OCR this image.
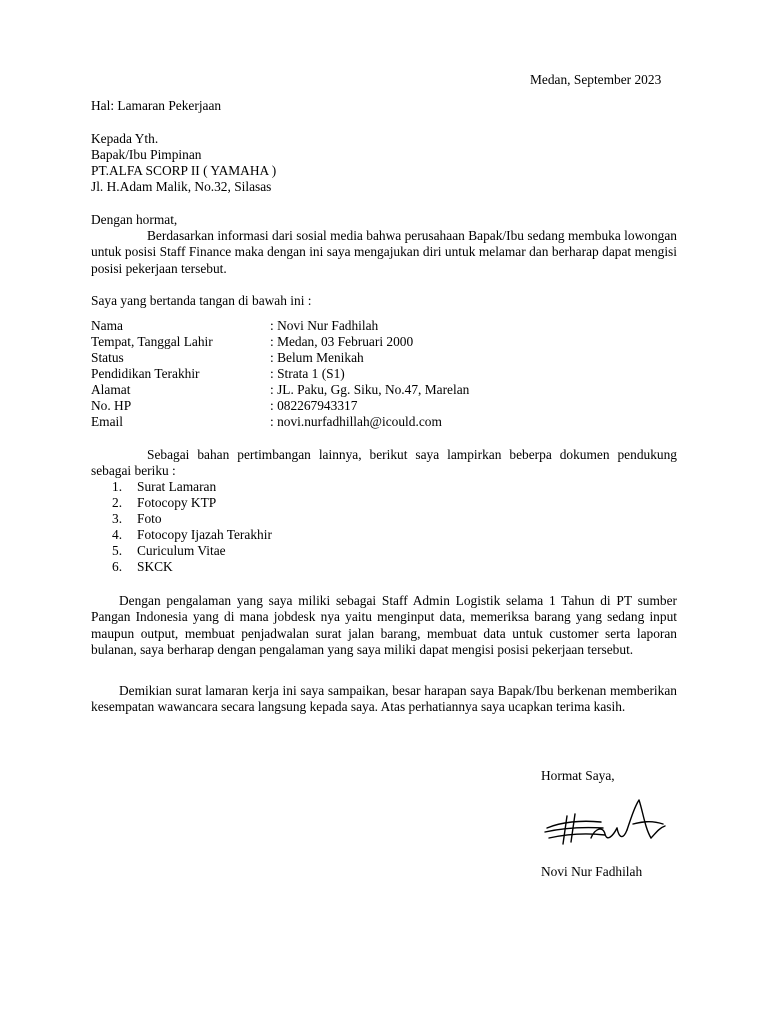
Medan, September 2023
Hal: Lamaran Pekerjaan
Kepada Yth.
Bapak/Ibu Pimpinan
PT.ALFA SCORP II ( YAMAHA )
Jl. H.Adam Malik, No.32, Silasas
Dengan hormat,
Berdasarkan informasi dari sosial media bahwa perusahaan Bapak/Ibu sedang membuka lowongan untuk posisi Staff Finance maka dengan ini saya mengajukan diri untuk melamar dan berharap dapat mengisi posisi pekerjaan tersebut.
Saya yang bertanda tangan di bawah ini :
Nama	: Novi Nur Fadhilah
Tempat, Tanggal Lahir	: Medan, 03 Februari 2000
Status	: Belum Menikah
Pendidikan Terakhir	: Strata 1 (S1)
Alamat	: JL. Paku, Gg. Siku, No.47, Marelan
No. HP	: 082267943317
Email	: novi.nurfadhillah@icould.com
Sebagai bahan pertimbangan lainnya, berikut saya lampirkan beberpa dokumen pendukung sebagai beriku :
1. Surat Lamaran
2. Fotocopy KTP
3. Foto
4. Fotocopy Ijazah Terakhir
5. Curiculum Vitae
6. SKCK
Dengan pengalaman yang saya miliki sebagai Staff Admin Logistik selama 1 Tahun di PT sumber Pangan Indonesia yang di mana jobdesk nya yaitu menginput data, memeriksa barang yang sedang input maupun output, membuat penjadwalan surat jalan barang, membuat data untuk customer serta laporan bulanan, saya berharap dengan pengalaman yang saya miliki dapat mengisi posisi pekerjaan tersebut.
Demikian surat lamaran kerja ini saya sampaikan, besar harapan saya Bapak/Ibu berkenan memberikan kesempatan wawancara secara langsung kepada saya. Atas perhatiannya saya ucapkan terima kasih.
Hormat Saya,
Novi Nur Fadhilah
